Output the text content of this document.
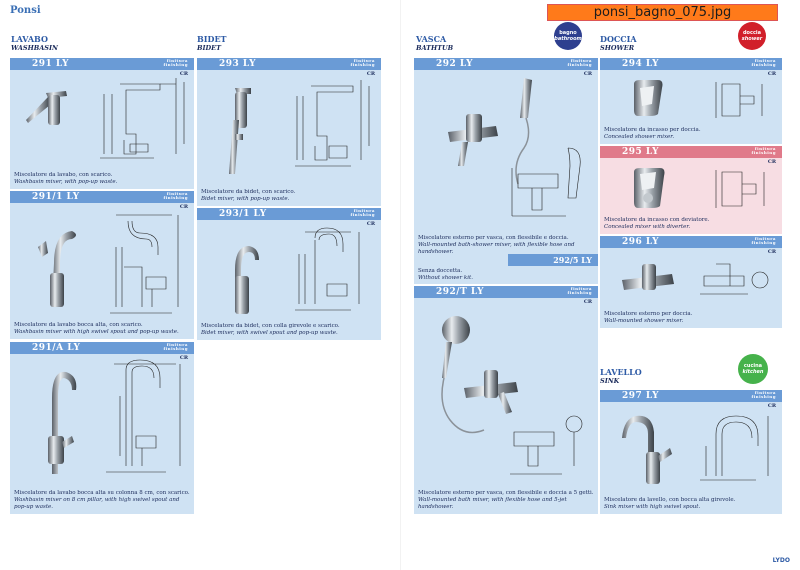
Ponsi	ponsi_bagno_075.jpg
LAVABO
WASHBASIN
BIDET
BIDET
VASCA
BATHTUB
DOCCIA
SHOWER
LAVELLO
SINK
bagno
bathroom
doccia
shower
cucina
kitchen
291 LY	finitura
finishing
CR
Miscelatore da lavabo, con scarico.
Washbasin mixer, with pop-up waste.
291/1 LY	finitura
finishing
CR
Miscelatore da lavabo bocca alta, con scarico.
Washbasin mixer with high swivel spout and pop-up waste.
291/A LY	finitura
finishing
CR
Miscelatore da lavabo bocca alta su colonna 8 cm, con scarico.
Washbasin mixer on 8 cm pillar, with high swivel spout and pop-up waste.
293 LY	finitura
finishing
CR
Miscelatore da bidet, con scarico.
Bidet mixer, with pop-up waste.
293/1 LY	finitura
finishing
CR
Miscelatore da bidet, con colla girevole e scarico.
Bidet mixer, with swivel spout and pop-up waste.
292 LY	finitura
finishing
CR
Miscelatore esterno per vasca, con flessibile e doccia.
Wall-mounted bath-shower mixer, with flexible hose and handshower.
292/5 LY
Senza doccetta.
Without shower kit.
292/T LY	finitura
finishing
CR
Miscelatore esterno per vasca, con flessibile e doccia a 5 getti.
Wall-mounted bath mixer, with flexible hose and 5-jet handshower.
294 LY	finitura
finishing
CR
Miscelatore da incasso per doccia.
Concealed shower mixer.
295 LY	finitura
finishing
CR
Miscelatore da incasso con deviatore.
Concealed mixer with diverter.
296 LY	finitura
finishing
CR
Miscelatore esterno per doccia.
Wall-mounted shower mixer.
297 LY	finitura
finishing
CR
Miscelatore da lavello, con bocca alta girevole.
Sink mixer with high swivel spout.
LYDO
